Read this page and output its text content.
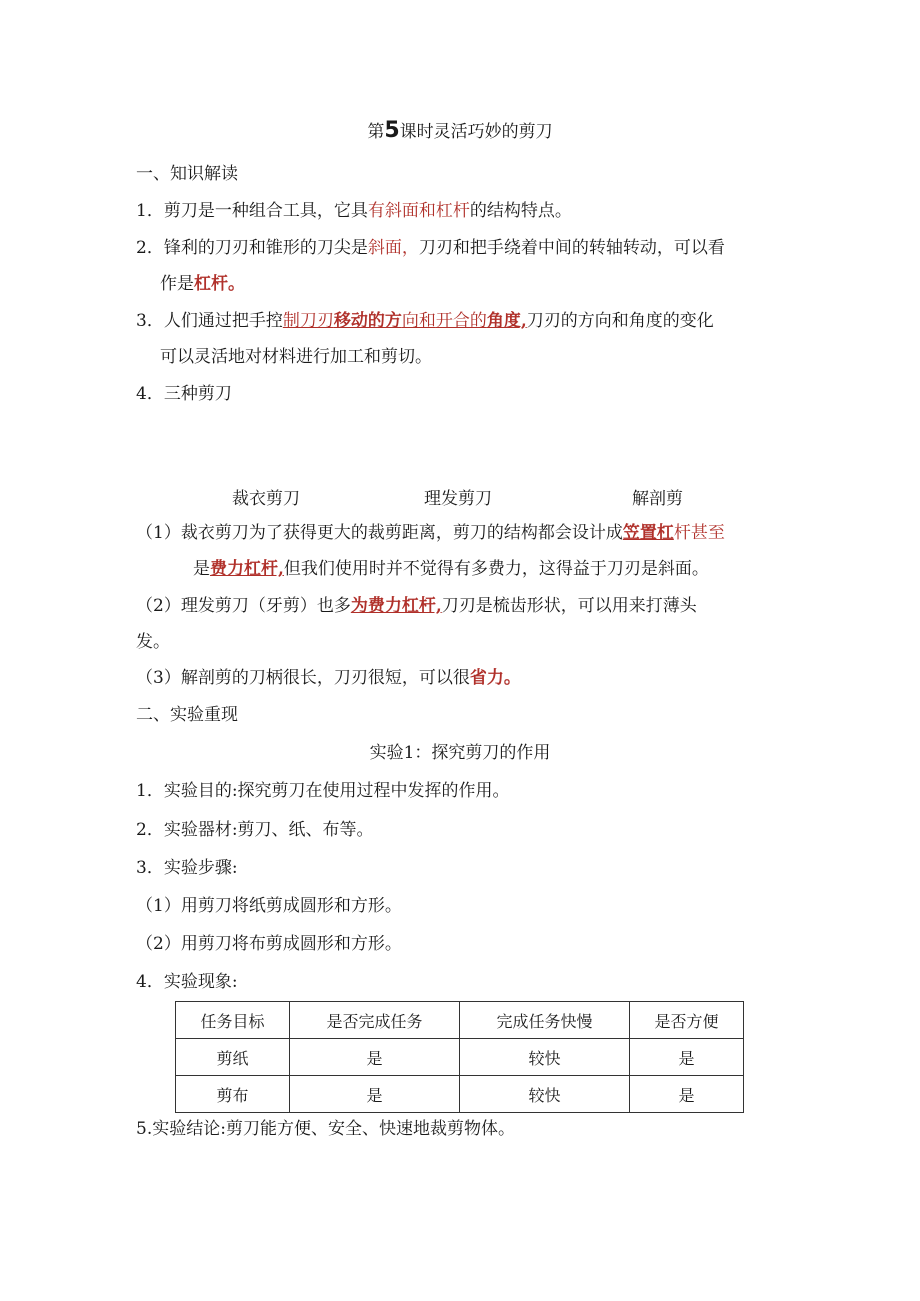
第5课时灵活巧妙的剪刀
一、知识解读
1．剪刀是一种组合工具，它具有斜面和杠杆的结构特点。
2．锋利的刀刃和锥形的刀尖是斜面，刀刃和把手绕着中间的转轴转动，可以看
作是杠杆。
3．人们通过把手控制刀刃移动的方向和开合的角度,刀刃的方向和角度的变化
可以灵活地对材料进行加工和剪切。
4．三种剪刀
裁衣剪刀	理发剪刀	解剖剪
（1）裁衣剪刀为了获得更大的裁剪距离，剪刀的结构都会设计成笠置杠杆甚至
是费力杠杆,但我们使用时并不觉得有多费力，这得益于刀刃是斜面。
（2）理发剪刀（牙剪）也多为费力杠杆,刀刃是梳齿形状，可以用来打薄头
发。
（3）解剖剪的刀柄很长，刀刃很短，可以很省力。
二、实验重现
实验1：探究剪刀的作用
1．实验目的:探究剪刀在使用过程中发挥的作用。
2．实验器材:剪刀、纸、布等。
3．实验步骤:
（1）用剪刀将纸剪成圆形和方形。
（2）用剪刀将布剪成圆形和方形。
4．实验现象:
任务目标	是否完成任务	完成任务快慢	是否方便
剪纸	是	较快	是
剪布	是	较快	是
5.实验结论:剪刀能方便、安全、快速地裁剪物体。
